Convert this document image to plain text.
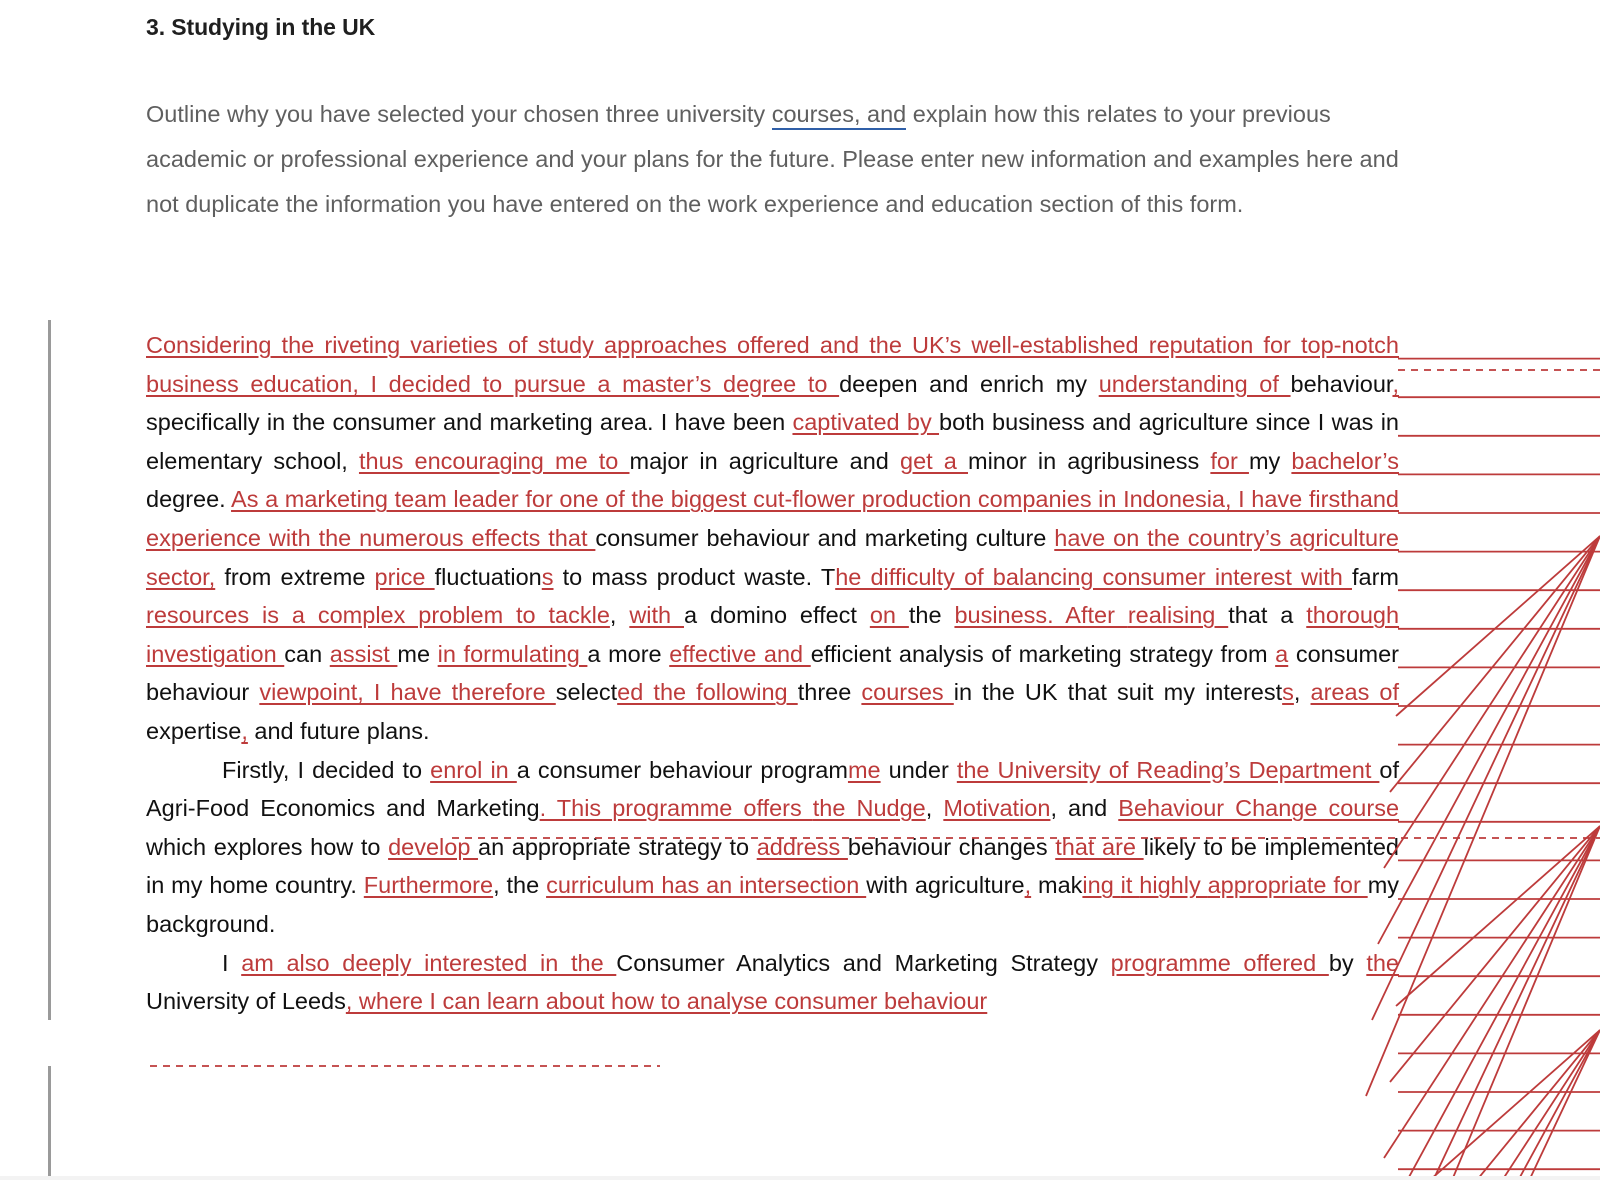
3. Studying in the UK
Outline why you have selected your chosen three university courses, and explain how this relates to your previous academic or professional experience and your plans for the future. Please enter new information and examples here and not duplicate the information you have entered on the work experience and education section of this form.

Considering the riveting varieties of study approaches offered and the UK’s well-established reputation for top-notch business education, I decided to pursue a master’s degree to deepen and enrich my understanding of behaviour, specifically in the consumer and marketing area. I have been captivated by both business and agriculture since I was in elementary school, thus encouraging me to major in agriculture and get a minor in agribusiness for my bachelor’s degree. As a marketing team leader for one of the biggest cut-flower production companies in Indonesia, I have firsthand experience with the numerous effects that consumer behaviour and marketing culture have on the country’s agriculture sector, from extreme price fluctuations to mass product waste. The difficulty of balancing consumer interest with farm resources is a complex problem to tackle, with a domino effect on the business. After realising that a thorough investigation can assist me in formulating a more effective and efficient analysis of marketing strategy from a consumer behaviour viewpoint, I have therefore selected the following three courses in the UK that suit my interests, areas of expertise, and future plans.

Firstly, I decided to enrol in a consumer behaviour programme under the University of Reading’s Department of Agri-Food Economics and Marketing. This programme offers the Nudge, Motivation, and Behaviour Change course which explores how to develop an appropriate strategy to address behaviour changes that are likely to be implemented in my home country. Furthermore, the curriculum has an intersection with agriculture, making it highly appropriate for my background.

I am also deeply interested in the Consumer Analytics and Marketing Strategy programme offered by the University of Leeds, where I can learn about how to analyse consumer behaviour
